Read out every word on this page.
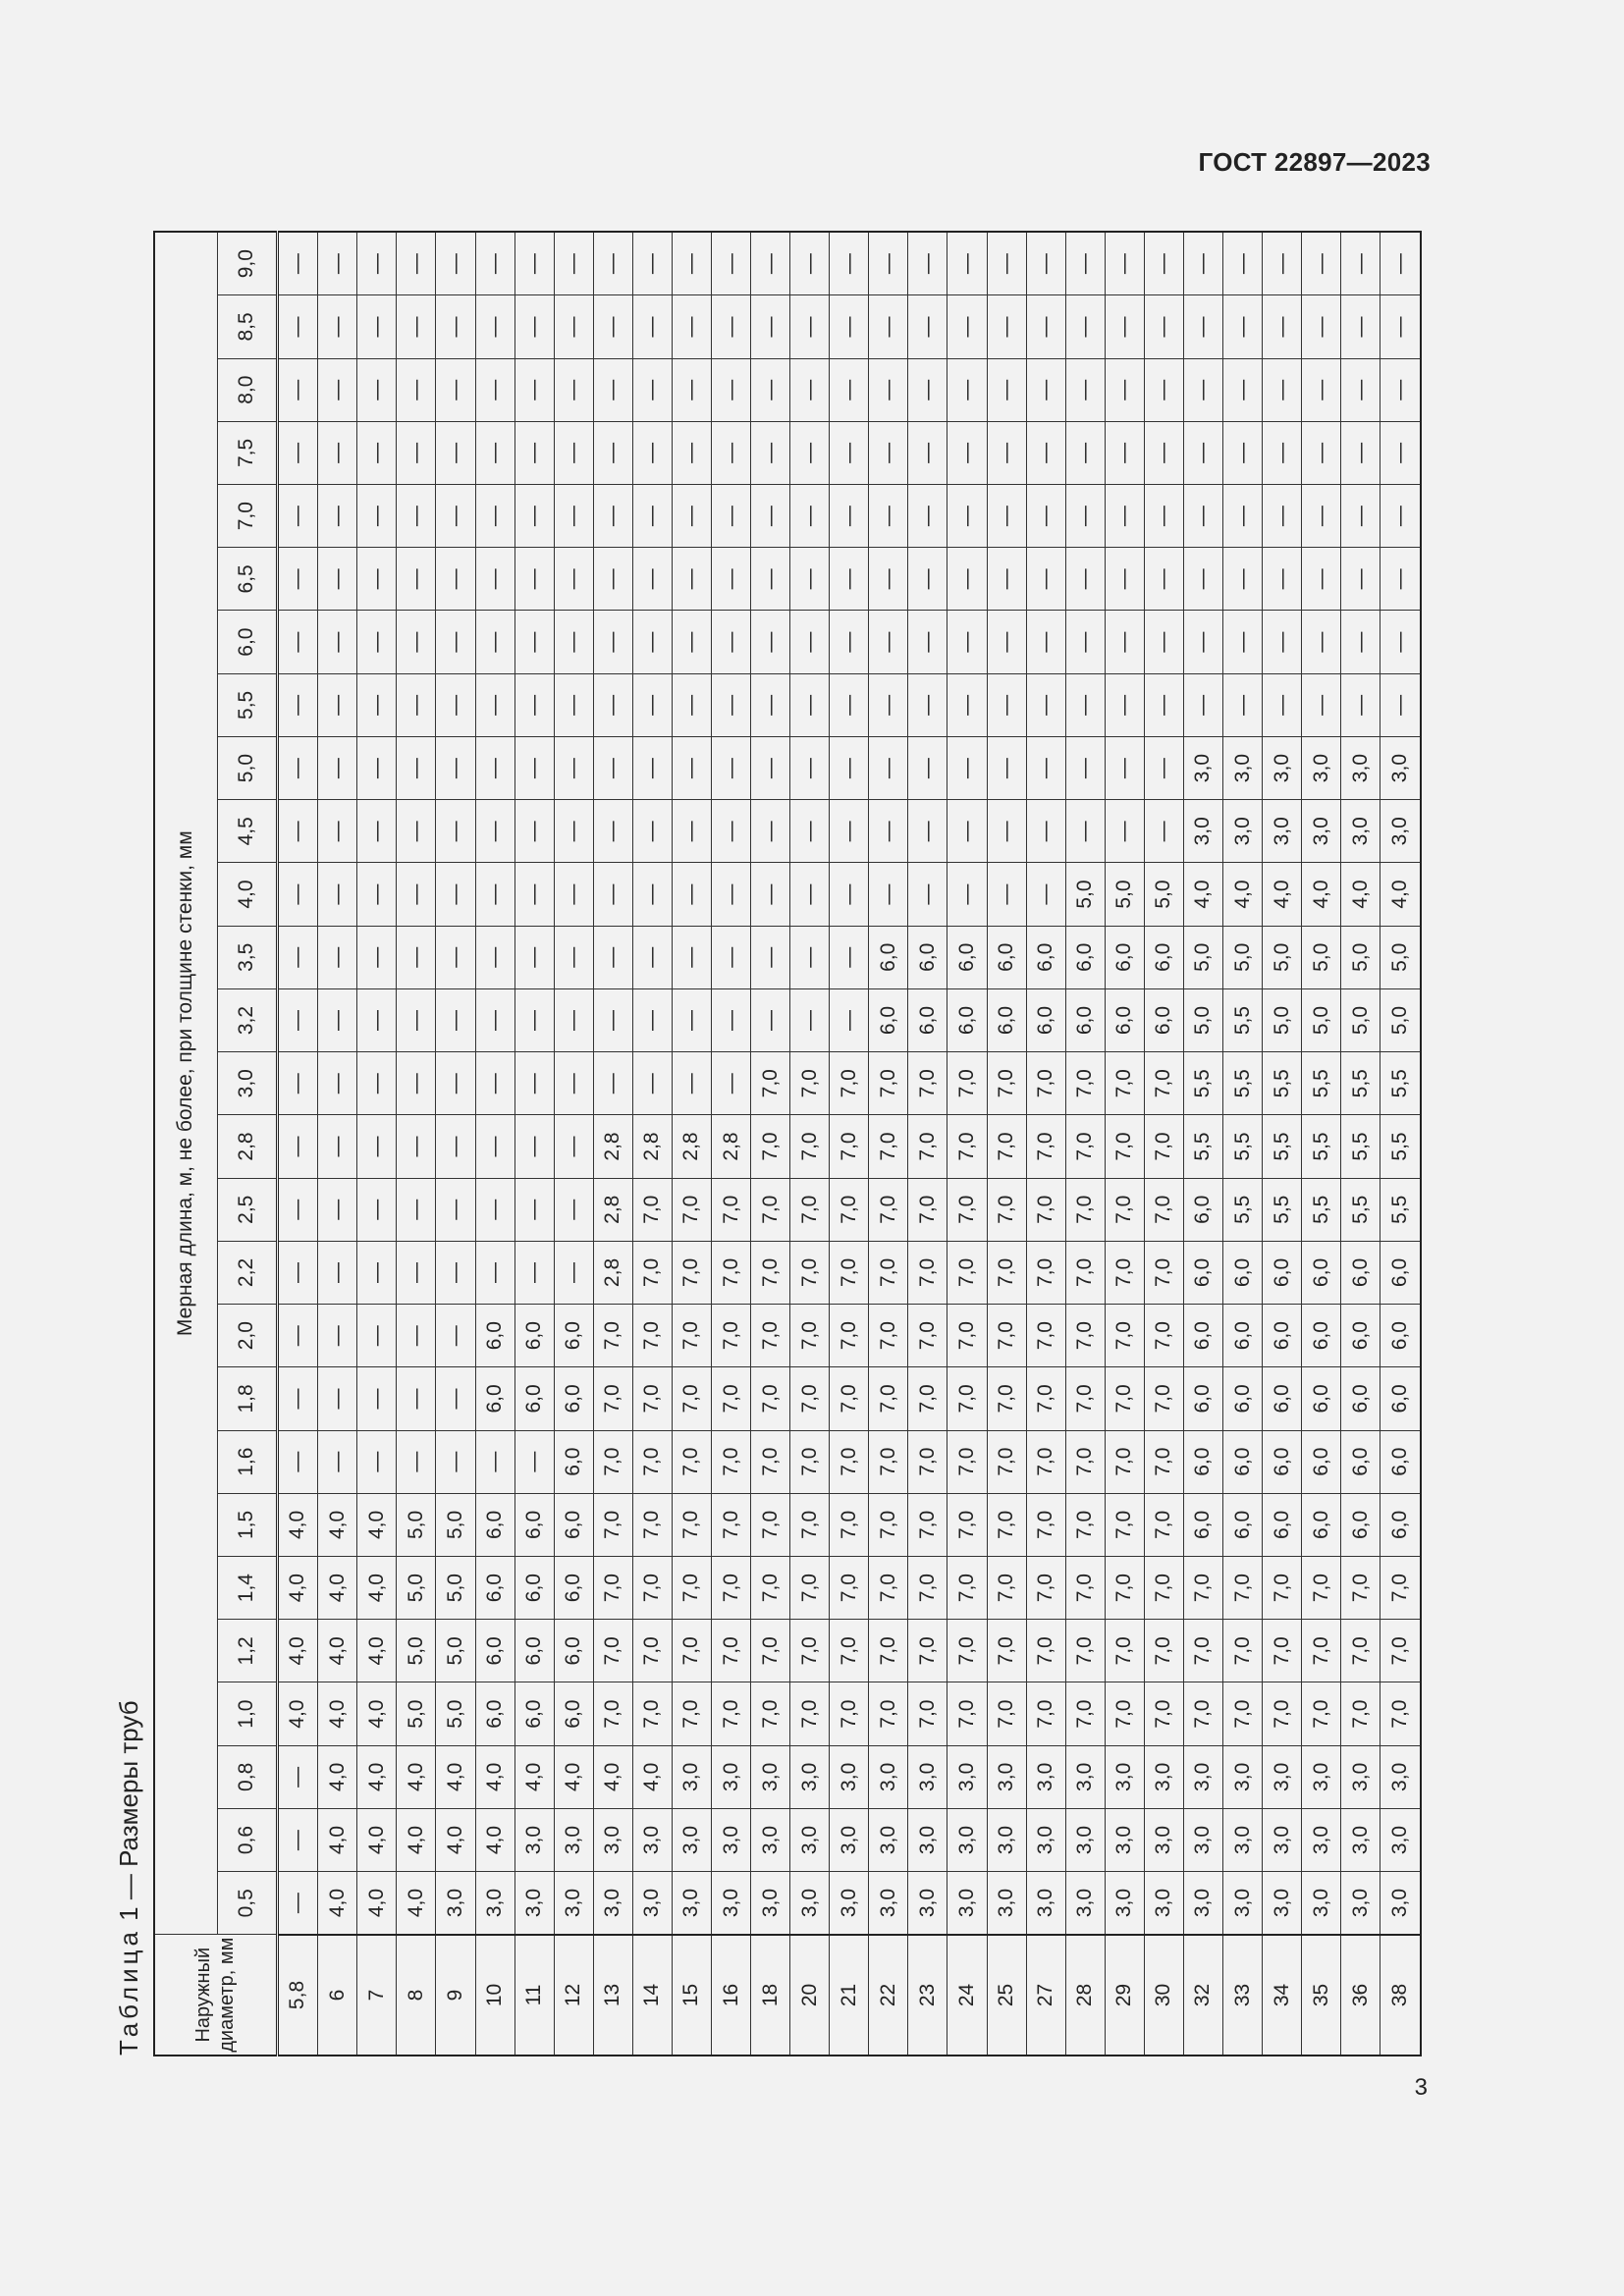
ГОСТ 22897—2023
Таблица 1 — Размеры труб
Наружный диаметр, мм	Мерная длина, м, не более, при толщине стенки, мм																										
	0,5	0,6	0,8	1,0	1,2	1,4	1,5	1,6	1,8	2,0	2,2	2,5	2,8	3,0	3,2	3,5	4,0	4,5	5,0	5,5	6,0	6,5	7,0	7,5	8,0	8,5	9,0
5,8	—	—	—	4,0	4,0	4,0	4,0	—	—	—	—	—	—	—	—	—	—	—	—	—	—	—	—	—	—	—	—
6	4,0	4,0	4,0	4,0	4,0	4,0	4,0	—	—	—	—	—	—	—	—	—	—	—	—	—	—	—	—	—	—	—	—
7	4,0	4,0	4,0	4,0	4,0	4,0	4,0	—	—	—	—	—	—	—	—	—	—	—	—	—	—	—	—	—	—	—	—
8	4,0	4,0	4,0	5,0	5,0	5,0	5,0	—	—	—	—	—	—	—	—	—	—	—	—	—	—	—	—	—	—	—	—
9	3,0	4,0	4,0	5,0	5,0	5,0	5,0	—	—	—	—	—	—	—	—	—	—	—	—	—	—	—	—	—	—	—	—
10	3,0	4,0	4,0	6,0	6,0	6,0	6,0	—	6,0	6,0	—	—	—	—	—	—	—	—	—	—	—	—	—	—	—	—	—
11	3,0	3,0	4,0	6,0	6,0	6,0	6,0	—	6,0	6,0	—	—	—	—	—	—	—	—	—	—	—	—	—	—	—	—	—
12	3,0	3,0	4,0	6,0	6,0	6,0	6,0	6,0	6,0	6,0	—	—	—	—	—	—	—	—	—	—	—	—	—	—	—	—	—
13	3,0	3,0	4,0	7,0	7,0	7,0	7,0	7,0	7,0	7,0	2,8	2,8	2,8	—	—	—	—	—	—	—	—	—	—	—	—	—	—
14	3,0	3,0	4,0	7,0	7,0	7,0	7,0	7,0	7,0	7,0	7,0	7,0	2,8	—	—	—	—	—	—	—	—	—	—	—	—	—	—
15	3,0	3,0	3,0	7,0	7,0	7,0	7,0	7,0	7,0	7,0	7,0	7,0	2,8	—	—	—	—	—	—	—	—	—	—	—	—	—	—
16	3,0	3,0	3,0	7,0	7,0	7,0	7,0	7,0	7,0	7,0	7,0	7,0	2,8	—	—	—	—	—	—	—	—	—	—	—	—	—	—
18	3,0	3,0	3,0	7,0	7,0	7,0	7,0	7,0	7,0	7,0	7,0	7,0	7,0	7,0	—	—	—	—	—	—	—	—	—	—	—	—	—
20	3,0	3,0	3,0	7,0	7,0	7,0	7,0	7,0	7,0	7,0	7,0	7,0	7,0	7,0	—	—	—	—	—	—	—	—	—	—	—	—	—
21	3,0	3,0	3,0	7,0	7,0	7,0	7,0	7,0	7,0	7,0	7,0	7,0	7,0	7,0	—	—	—	—	—	—	—	—	—	—	—	—	—
22	3,0	3,0	3,0	7,0	7,0	7,0	7,0	7,0	7,0	7,0	7,0	7,0	7,0	7,0	6,0	6,0	—	—	—	—	—	—	—	—	—	—	—
23	3,0	3,0	3,0	7,0	7,0	7,0	7,0	7,0	7,0	7,0	7,0	7,0	7,0	7,0	6,0	6,0	—	—	—	—	—	—	—	—	—	—	—
24	3,0	3,0	3,0	7,0	7,0	7,0	7,0	7,0	7,0	7,0	7,0	7,0	7,0	7,0	6,0	6,0	—	—	—	—	—	—	—	—	—	—	—
25	3,0	3,0	3,0	7,0	7,0	7,0	7,0	7,0	7,0	7,0	7,0	7,0	7,0	7,0	6,0	6,0	—	—	—	—	—	—	—	—	—	—	—
27	3,0	3,0	3,0	7,0	7,0	7,0	7,0	7,0	7,0	7,0	7,0	7,0	7,0	7,0	6,0	6,0	—	—	—	—	—	—	—	—	—	—	—
28	3,0	3,0	3,0	7,0	7,0	7,0	7,0	7,0	7,0	7,0	7,0	7,0	7,0	7,0	6,0	6,0	5,0	—	—	—	—	—	—	—	—	—	—
29	3,0	3,0	3,0	7,0	7,0	7,0	7,0	7,0	7,0	7,0	7,0	7,0	7,0	7,0	6,0	6,0	5,0	—	—	—	—	—	—	—	—	—	—
30	3,0	3,0	3,0	7,0	7,0	7,0	7,0	7,0	7,0	7,0	7,0	7,0	7,0	7,0	6,0	6,0	5,0	—	—	—	—	—	—	—	—	—	—
32	3,0	3,0	3,0	7,0	7,0	7,0	6,0	6,0	6,0	6,0	6,0	6,0	5,5	5,5	5,0	5,0	4,0	3,0	3,0	—	—	—	—	—	—	—	—
33	3,0	3,0	3,0	7,0	7,0	7,0	6,0	6,0	6,0	6,0	6,0	5,5	5,5	5,5	5,5	5,0	4,0	3,0	3,0	—	—	—	—	—	—	—	—
34	3,0	3,0	3,0	7,0	7,0	7,0	6,0	6,0	6,0	6,0	6,0	5,5	5,5	5,5	5,0	5,0	4,0	3,0	3,0	—	—	—	—	—	—	—	—
35	3,0	3,0	3,0	7,0	7,0	7,0	6,0	6,0	6,0	6,0	6,0	5,5	5,5	5,5	5,0	5,0	4,0	3,0	3,0	—	—	—	—	—	—	—	—
36	3,0	3,0	3,0	7,0	7,0	7,0	6,0	6,0	6,0	6,0	6,0	5,5	5,5	5,5	5,0	5,0	4,0	3,0	3,0	—	—	—	—	—	—	—	—
38	3,0	3,0	3,0	7,0	7,0	7,0	6,0	6,0	6,0	6,0	6,0	5,5	5,5	5,5	5,0	5,0	4,0	3,0	3,0	—	—	—	—	—	—	—	—
3
